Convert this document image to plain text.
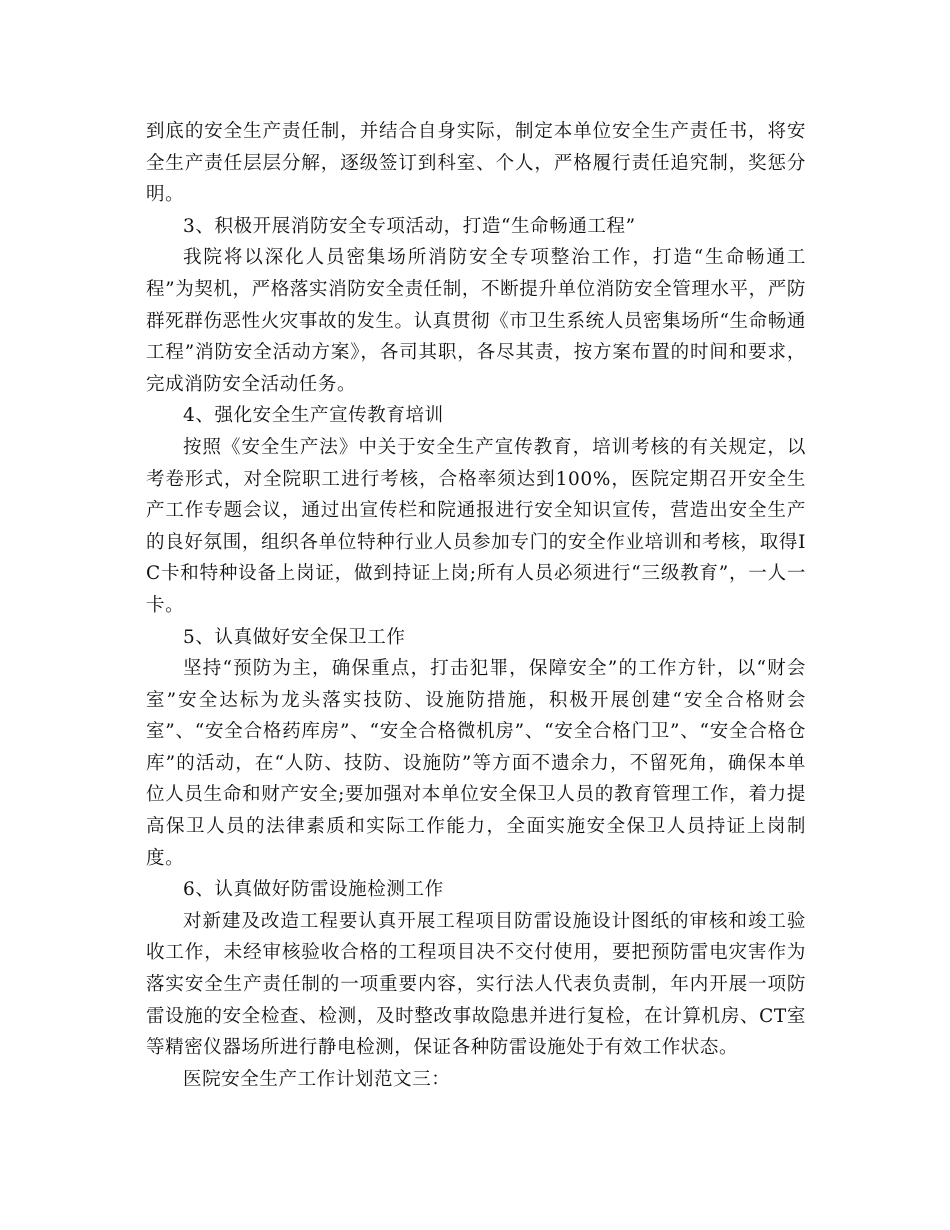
到底的安全生产责任制，并结合自身实际，制定本单位安全生产责任书，将安全生产责任层层分解，逐级签订到科室、个人，严格履行责任追究制，奖惩分明。

3、积极开展消防安全专项活动，打造“生命畅通工程”

我院将以深化人员密集场所消防安全专项整治工作，打造“生命畅通工程”为契机，严格落实消防安全责任制，不断提升单位消防安全管理水平，严防群死群伤恶性火灾事故的发生。认真贯彻《市卫生系统人员密集场所“生命畅通工程”消防安全活动方案》，各司其职，各尽其责，按方案布置的时间和要求，完成消防安全活动任务。

4、强化安全生产宣传教育培训

按照《安全生产法》中关于安全生产宣传教育，培训考核的有关规定，以考卷形式，对全院职工进行考核，合格率须达到100%，医院定期召开安全生产工作专题会议，通过出宣传栏和院通报进行安全知识宣传，营造出安全生产的良好氛围，组织各单位特种行业人员参加专门的安全作业培训和考核，取得IC卡和特种设备上岗证，做到持证上岗;所有人员必须进行“三级教育”，一人一卡。

5、认真做好安全保卫工作

坚持“预防为主，确保重点，打击犯罪，保障安全”的工作方针，以“财会室”安全达标为龙头落实技防、设施防措施，积极开展创建“安全合格财会室”、“安全合格药库房”、“安全合格微机房”、“安全合格门卫”、“安全合格仓库”的活动，在“人防、技防、设施防”等方面不遗余力，不留死角，确保本单位人员生命和财产安全;要加强对本单位安全保卫人员的教育管理工作，着力提高保卫人员的法律素质和实际工作能力，全面实施安全保卫人员持证上岗制度。

6、认真做好防雷设施检测工作

对新建及改造工程要认真开展工程项目防雷设施设计图纸的审核和竣工验收工作，未经审核验收合格的工程项目决不交付使用，要把预防雷电灾害作为落实安全生产责任制的一项重要内容，实行法人代表负责制，年内开展一项防雷设施的安全检查、检测，及时整改事故隐患并进行复检，在计算机房、CT室等精密仪器场所进行静电检测，保证各种防雷设施处于有效工作状态。

医院安全生产工作计划范文三：
